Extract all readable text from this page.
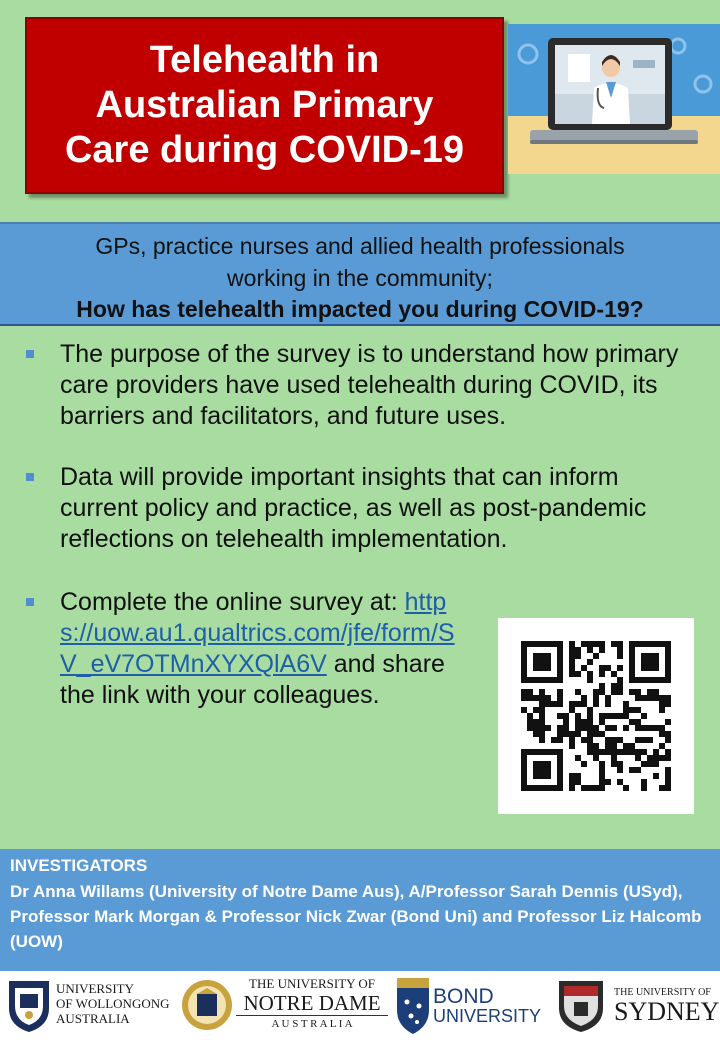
Telehealth in
Australian Primary
Care during COVID-19
GPs, practice nurses and allied health professionals
working in the community;
How has telehealth impacted you during COVID-19?
The purpose of the survey is to understand how primary care providers have used telehealth during COVID, its barriers and facilitators, and future uses.
Data will provide important insights that can inform current policy and practice, as well as post-pandemic reflections on telehealth implementation.
Complete the online survey at: https://uow.au1.qualtrics.com/jfe/form/SV_eV7OTMnXYXQlA6V and share the link with your colleagues.
INVESTIGATORS
Dr Anna Willams (University of Notre Dame Aus), A/Professor Sarah Dennis (USyd), Professor Mark Morgan & Professor Nick Zwar (Bond Uni) and Professor Liz Halcomb (UOW)
UNIVERSITY
OF WOLLONGONG
AUSTRALIA
THE UNIVERSITY OF
NOTRE DAME
A U S T R A L I A
BOND
UNIVERSITY
THE UNIVERSITY OF
SYDNEY
